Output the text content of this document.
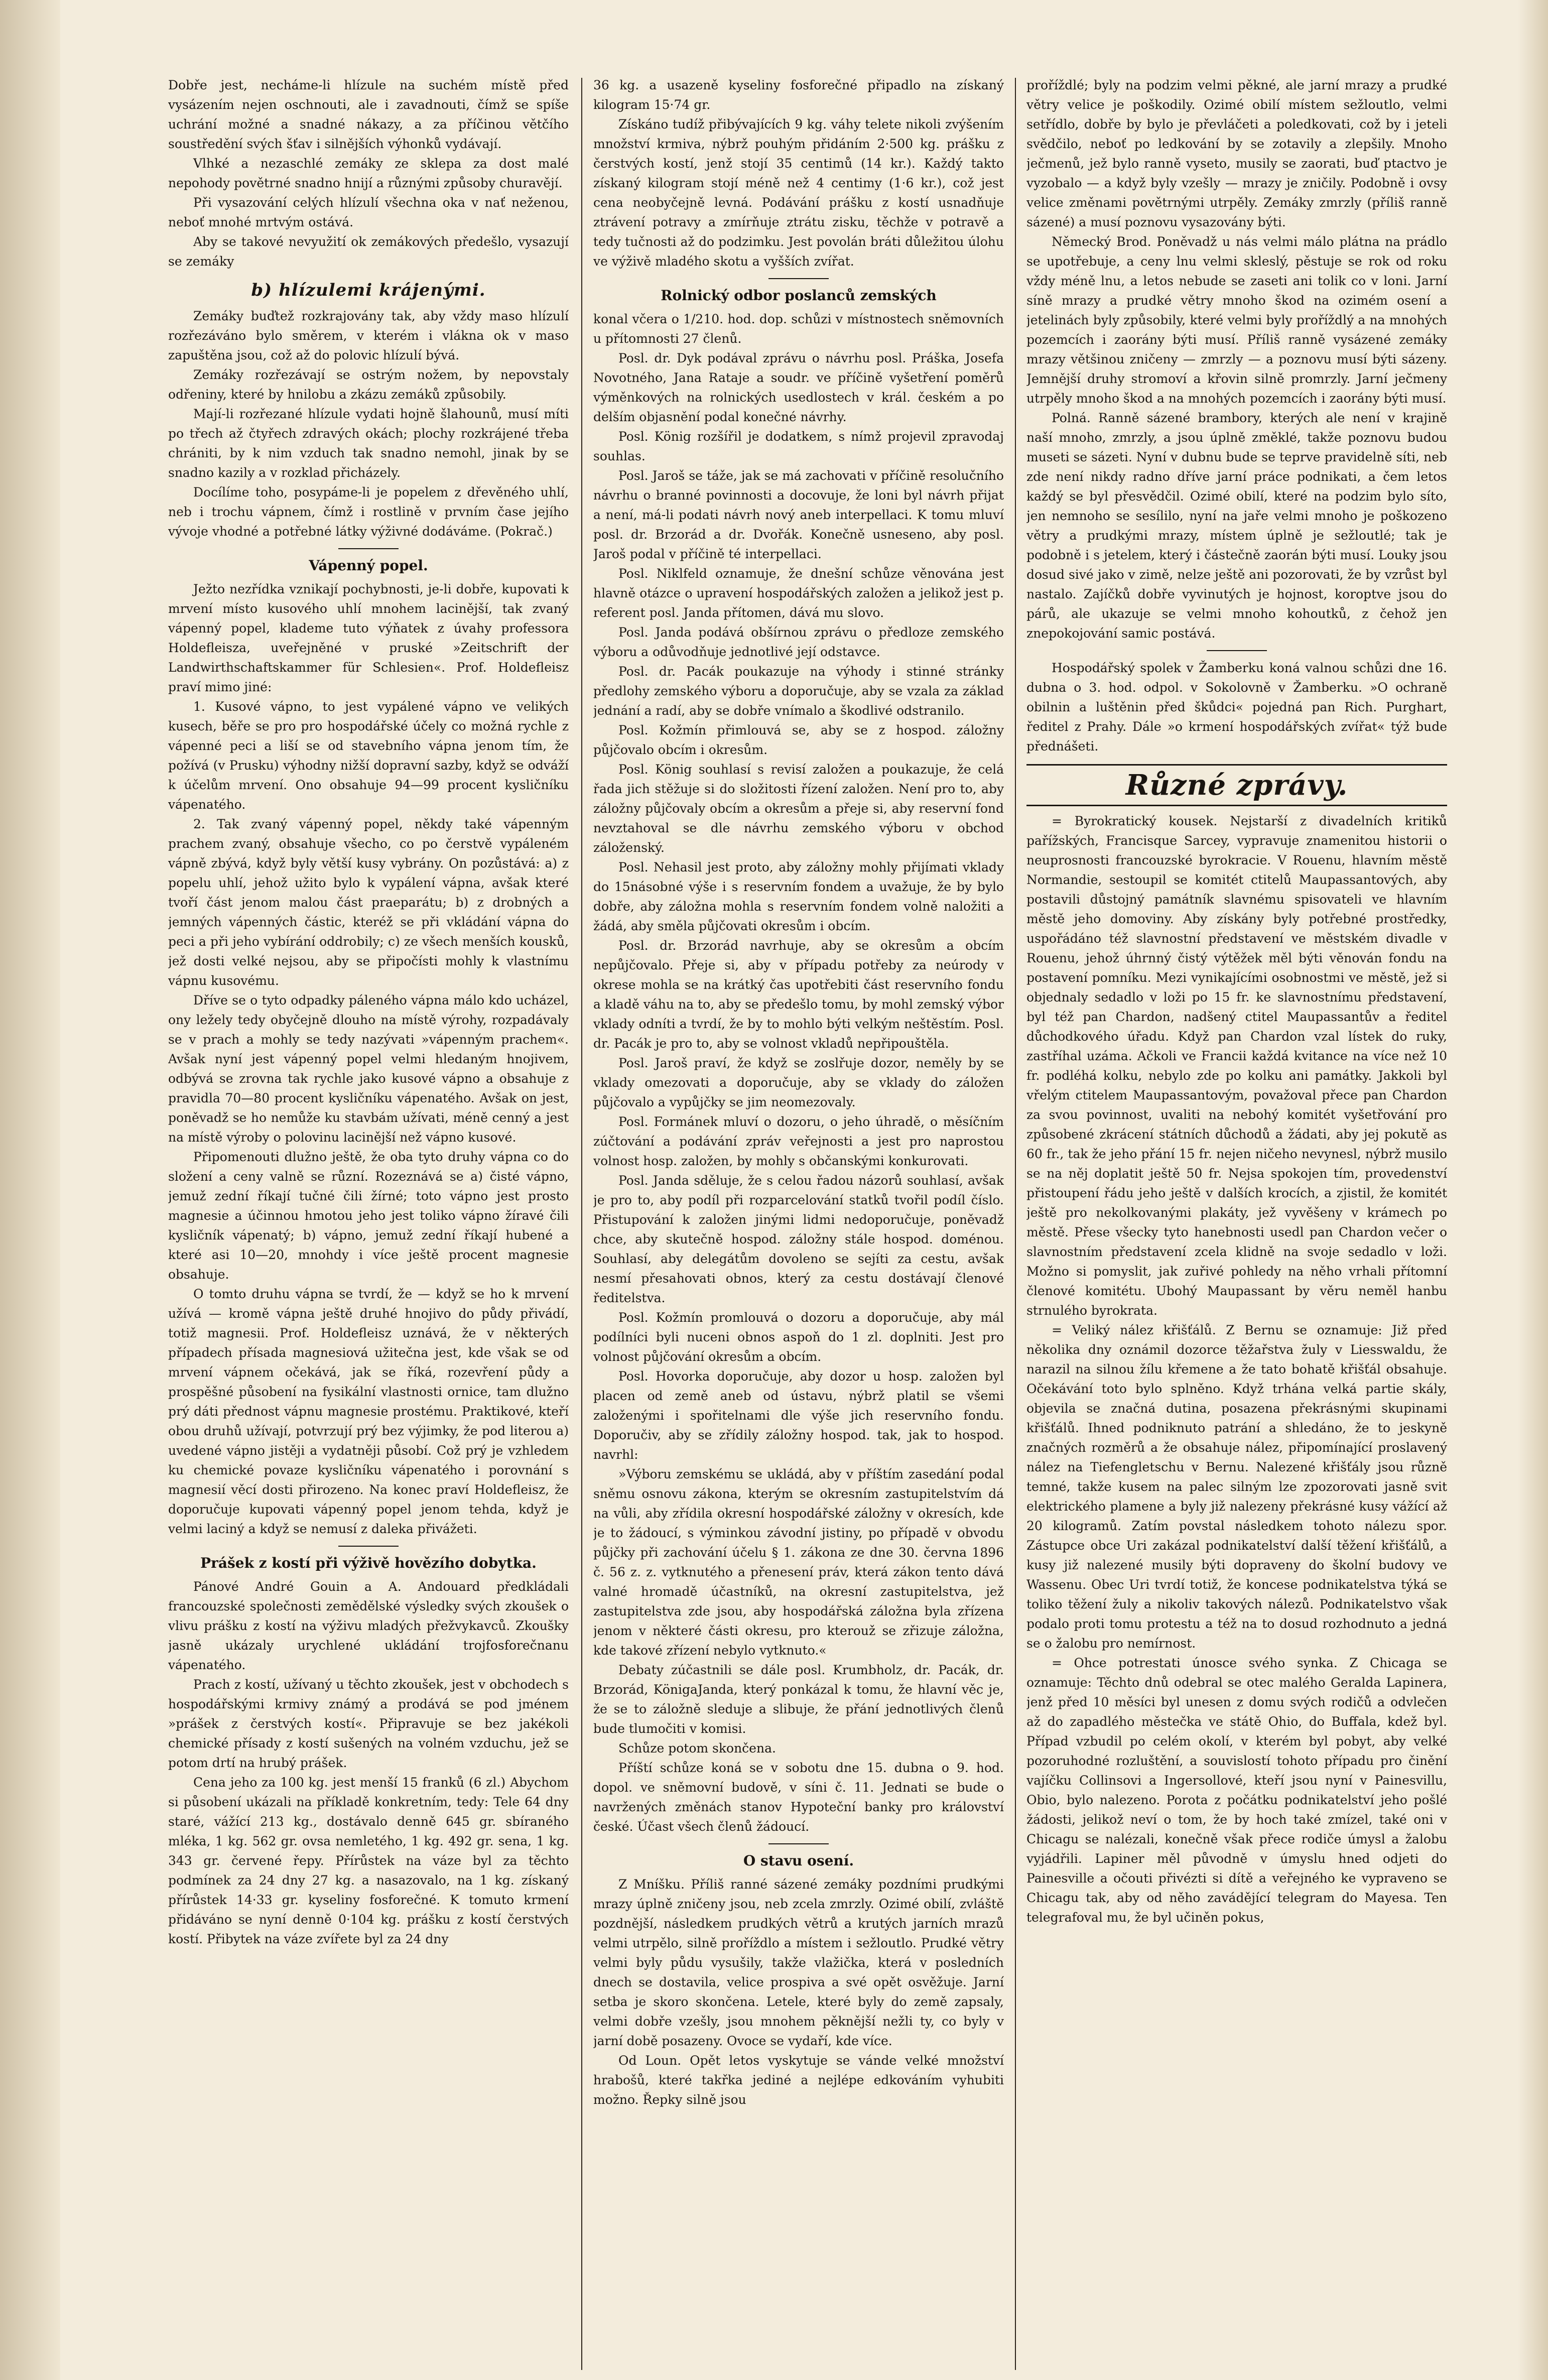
Dobře jest, necháme-li hlízule na suchém místě před vysázením nejen oschnouti, ale i zavadnouti, čímž se spíše uchrání možné a snadné nákazy, a za příčinou větčího soustředění svých šťav i silnějších výhonků vydávají.

Vlhké a nezaschlé zemáky ze sklepa za dost malé nepohody povětrné snadno hnijí a různými způsoby churavějí.

Při vysazování celých hlízulí všechna oka v nať neženou, neboť mnohé mrtvým ostává.

Aby se takové nevyužití ok zemákových předešlo, vysazují se zemáky

b) hlízulemi krájenými.

Zemáky buďtež rozkrajovány tak, aby vždy maso hlízulí rozřezáváno bylo směrem, v kterém i vlákna ok v maso zapuštěna jsou, což až do polovic hlízulí bývá.

Zemáky rozřezávají se ostrým nožem, by nepovstaly odřeniny, které by hnilobu a zkázu zemáků způsobily.

Mají-li rozřezané hlízule vydati hojně šlahounů, musí míti po třech až čtyřech zdravých okách; plochy rozkrájené třeba chrániti, by k nim vzduch tak snadno nemohl, jinak by se snadno kazily a v rozklad přicházely.

Docílíme toho, posypáme-li je popelem z dřevěného uhlí, neb i trochu vápnem, čímž i rostlině v prvním čase jejího vývoje vhodné a potřebné látky výživné dodáváme. (Pokrač.)

Vápenný popel.

Ježto nezřídka vznikají pochybnosti, je-li dobře, kupovati k mrvení místo kusového uhlí mnohem lacinější, tak zvaný vápenný popel, klademe tuto výňatek z úvahy professora Holdefleisza, uveřejněné v pruské »Zeitschrift der Landwirthschaftskammer für Schlesien«. Prof. Holdefleisz praví mimo jiné:

1. Kusové vápno, to jest vypálené vápno ve velikých kusech, běře se pro pro hospodářské účely co možná rychle z vápenné peci a liší se od stavebního vápna jenom tím, že požívá (v Prusku) výhodny nižší dopravní sazby, když se odváží k účelům mrvení. Ono obsahuje 94—99 procent kysličníku vápenatého.

2. Tak zvaný vápenný popel, někdy také vápenným prachem zvaný, obsahuje všecho, co po čerstvě vypáleném vápně zbývá, když byly větší kusy vybrány. On pozůstává: a) z popelu uhlí, jehož užito bylo k vypálení vápna, avšak které tvoří část jenom malou část praeparátu; b) z drobných a jemných vápenných částic, kteréž se při vkládání vápna do peci a při jeho vybírání oddrobily; c) ze všech menších kousků, jež dosti velké nejsou, aby se připočísti mohly k vlastnímu vápnu kusovému.

Dříve se o tyto odpadky páleného vápna málo kdo ucházel, ony ležely tedy obyčejně dlouho na místě výrohy, rozpadávaly se v prach a mohly se tedy nazývati »vápenným prachem«. Avšak nyní jest vápenný popel velmi hledaným hnojivem, odbývá se zrovna tak rychle jako kusové vápno a obsahuje z pravidla 70—80 procent kysličníku vápenatého. Avšak on jest, poněvadž se ho nemůže ku stavbám užívati, méně cenný a jest na místě výroby o polovinu lacinější než vápno kusové.

Připomenouti dlužno ještě, že oba tyto druhy vápna co do složení a ceny valně se různí. Rozeznává se a) čisté vápno, jemuž zední říkají tučné čili žírné; toto vápno jest prosto magnesie a účinnou hmotou jeho jest toliko vápno žíravé čili kysličník vápenatý; b) vápno, jemuž zední říkají hubené a které asi 10—20, mnohdy i více ještě procent magnesie obsahuje.

O tomto druhu vápna se tvrdí, že — když se ho k mrvení užívá — kromě vápna ještě druhé hnojivo do půdy přivádí, totiž magnesii. Prof. Holdefleisz uznává, že v některých případech přísada magnesiová užitečna jest, kde však se od mrvení vápnem očekává, jak se říká, rozevření půdy a prospěšné působení na fysikální vlastnosti ornice, tam dlužno prý dáti přednost vápnu magnesie prostému. Praktikové, kteří obou druhů užívají, potvrzují prý bez výjimky, že pod literou a) uvedené vápno jistěji a vydatněji působí. Což prý je vzhledem ku chemické povaze kysličníku vápenatého i porovnání s magnesií věcí dosti přirozeno. Na konec praví Holdefleisz, že doporučuje kupovati vápenný popel jenom tehda, když je velmi laciný a když se nemusí z daleka přivážeti.

Prášek z kostí při výživě hovězího dobytka.

Pánové André Gouin a A. Andouard předkládali francouzské společnosti zemědělské výsledky svých zkoušek o vlivu prášku z kostí na výživu mladých přežvykavců. Zkoušky jasně ukázaly urychlené ukládání trojfosforečnanu vápenatého.

Prach z kostí, užívaný u těchto zkoušek, jest v obchodech s hospodářskými krmivy známý a prodává se pod jménem »prášek z čerstvých kostí«. Připravuje se bez jakékoli chemické přísady z kostí sušených na volném vzduchu, jež se potom drtí na hrubý prášek.

Cena jeho za 100 kg. jest menší 15 franků (6 zl.) Abychom si působení ukázali na příkladě konkretním, tedy: Tele 64 dny staré, vážící 213 kg., dostávalo denně 645 gr. sbíraného mléka, 1 kg. 562 gr. ovsa nemletého, 1 kg. 492 gr. sena, 1 kg. 343 gr. červené řepy. Přírůstek na váze byl za těchto podmínek za 24 dny 27 kg. a nasazovalo, na 1 kg. získaný přírůstek 14·33 gr. kyseliny fosforečné. K tomuto krmení přidáváno se nyní denně 0·104 kg. prášku z kostí čerstvých kostí. Přibytek na váze zvířete byl za 24 dny

36 kg. a usazeně kyseliny fosforečné připadlo na získaný kilogram 15·74 gr.

Získáno tudíž přibývajících 9 kg. váhy telete nikoli zvýšením množství krmiva, nýbrž pouhým přidáním 2·500 kg. prášku z čerstvých kostí, jenž stojí 35 centimů (14 kr.). Každý takto získaný kilogram stojí méně než 4 centimy (1·6 kr.), což jest cena neobyčejně levná. Podávání prášku z kostí usnadňuje ztrávení potravy a zmírňuje ztrátu zisku, těchže v potravě a tedy tučnosti až do podzimku. Jest povolán bráti důležitou úlohu ve výživě mladého skotu a vyšších zvířat.

Rolnický odbor poslanců zemských

konal včera o 1/210. hod. dop. schůzi v místnostech sněmovních u přítomnosti 27 členů.

Posl. dr. Dyk podával zprávu o návrhu posl. Práška, Josefa Novotného, Jana Rataje a soudr. ve příčině vyšetření poměrů výměnkových na rolnických usedlostech v král. českém a po delším objasnění podal konečné návrhy.

Posl. König rozšířil je dodatkem, s nímž projevil zpravodaj souhlas.

Posl. Jaroš se táže, jak se má zachovati v příčině resolučního návrhu o branné povinnosti a docovuje, že loni byl návrh přijat a není, má-li podati návrh nový aneb interpellaci. K tomu mluví posl. dr. Brzorád a dr. Dvořák. Konečně usneseno, aby posl. Jaroš podal v příčině té interpellaci.

Posl. Niklfeld oznamuje, že dnešní schůze věnována jest hlavně otázce o upravení hospodářských založen a jelikož jest p. referent posl. Janda přítomen, dává mu slovo.

Posl. Janda podává obšírnou zprávu o předloze zemského výboru a odůvodňuje jednotlivé její odstavce.

Posl. dr. Pacák poukazuje na výhody i stinné stránky předlohy zemského výboru a doporučuje, aby se vzala za základ jednání a radí, aby se dobře vnímalo a škodlivé odstranilo.

Posl. Kožmín přimlouvá se, aby se z hospod. záložny půjčovalo obcím i okresům.

Posl. König souhlasí s revisí založen a poukazuje, že celá řada jich stěžuje si do složitosti řízení založen. Není pro to, aby záložny půjčovaly obcím a okresům a přeje si, aby reservní fond nevztahoval se dle návrhu zemského výboru v obchod záloženský.

Posl. Nehasil jest proto, aby záložny mohly přijímati vklady do 15násobné výše i s reservním fondem a uvažuje, že by bylo dobře, aby záložna mohla s reservním fondem volně naložiti a žádá, aby směla půjčovati okresům i obcím.

Posl. dr. Brzorád navrhuje, aby se okresům a obcím nepůjčovalo. Přeje si, aby v případu potřeby za neúrody v okrese mohla se na krátký čas upotřebiti část reservního fondu a kladě váhu na to, aby se předešlo tomu, by mohl zemský výbor vklady odníti a tvrdí, že by to mohlo býti velkým neštěstím. Posl. dr. Pacák je pro to, aby se volnost vkladů nepřipouštěla.

Posl. Jaroš praví, že když se zoslřuje dozor, neměly by se vklady omezovati a doporučuje, aby se vklady do záložen půjčovalo a vypůjčky se jim neomezovaly.

Posl. Formánek mluví o dozoru, o jeho úhradě, o měsíčním zúčtování a podávání zpráv veřejnosti a jest pro naprostou volnost hosp. založen, by mohly s občanskými konkurovati.

Posl. Janda sděluje, že s celou řadou názorů souhlasí, avšak je pro to, aby podíl při rozparcelování statků tvořil podíl číslo. Přistupování k založen jinými lidmi nedoporučuje, poněvadž chce, aby skutečně hospod. záložny stále hospod. doménou. Souhlasí, aby delegátům dovoleno se sejíti za cestu, avšak nesmí přesahovati obnos, který za cestu dostávají členové ředitelstva.

Posl. Kožmín promlouvá o dozoru a doporučuje, aby mál podílníci byli nuceni obnos aspoň do 1 zl. doplniti. Jest pro volnost půjčování okresům a obcím.

Posl. Hovorka doporučuje, aby dozor u hosp. založen byl placen od země aneb od ústavu, nýbrž platil se všemi založenými i spořitelnami dle výše jich reservního fondu. Doporučiv, aby se zřídily záložny hospod. tak, jak to hospod. navrhl:

»Výboru zemskému se ukládá, aby v příštím zasedání podal sněmu osnovu zákona, kterým se okresním zastupitelstvím dá na vůli, aby zřídila okresní hospodářské záložny v okresích, kde je to žádoucí, s výminkou závodní jistiny, po případě v obvodu půjčky při zachování účelu § 1. zákona ze dne 30. června 1896 č. 56 z. z. vytknutého a přenesení práv, která zákon tento dává valné hromadě účastníků, na okresní zastupitelstva, jež zastupitelstva zde jsou, aby hospodářská záložna byla zřízena jenom v některé části okresu, pro kterouž se zřizuje záložna, kde takové zřízení nebylo vytknuto.«

Debaty zúčastnili se dále posl. Krumbholz, dr. Pacák, dr. Brzorád, KönigaJanda, který ponkázal k tomu, že hlavní věc je, že se to záložně sleduje a slibuje, že přání jednotlivých členů bude tlumočiti v komisi.

Schůze potom skončena.

Příští schůze koná se v sobotu dne 15. dubna o 9. hod. dopol. ve sněmovní budově, v síni č. 11. Jednati se bude o navržených změnách stanov Hypoteční banky pro království české. Účast všech členů žádoucí.

O stavu osení.

Z Mníšku. Příliš ranné sázené zemáky pozdními prudkými mrazy úplně zničeny jsou, neb zcela zmrzly. Ozimé obilí, zvláště pozdnější, následkem prudkých větrů a krutých jarních mrazů velmi utrpělo, silně proříždlo a místem i sežloutlo. Prudké větry velmi byly půdu vysušily, takže vlažička, která v posledních dnech se dostavila, velice prospiva a své opět osvěžuje. Jarní setba je skoro skončena. Letele, které byly do země zapsaly, velmi dobře vzešly, jsou mnohem pěknější nežli ty, co byly v jarní době posazeny. Ovoce se vydaří, kde více.

Od Loun. Opět letos vyskytuje se vánde velké množství hrabošů, které takřka jediné a nejlépe edkováním vyhubiti možno. Řepky silně jsou

proříždlé; byly na podzim velmi pěkné, ale jarní mrazy a prudké větry velice je poškodily. Ozimé obilí místem sežloutlo, velmi setřídlo, dobře by bylo je převláčeti a poledkovati, což by i jeteli svědčilo, neboť po ledkování by se zotavily a zlepšily. Mnoho ječmenů, jež bylo ranně vyseto, musily se zaorati, buď ptactvo je vyzobalo — a když byly vzešly — mrazy je zničily. Podobně i ovsy velice změnami povětrnými utrpěly. Zemáky zmrzly (příliš ranně sázené) a musí poznovu vysazovány býti.

Německý Brod. Poněvadž u nás velmi málo plátna na prádlo se upotřebuje, a ceny lnu velmi skleslý, pěstuje se rok od roku vždy méně lnu, a letos nebude se zaseti ani tolik co v loni. Jarní síně mrazy a prudké větry mnoho škod na ozimém osení a jetelinách byly způsobily, které velmi byly proříždlý a na mnohých pozemcích i zaorány býti musí. Příliš ranně vysázené zemáky mrazy většinou zničeny — zmrzly — a poznovu musí býti sázeny. Jemnější druhy stromoví a křovin silně promrzly. Jarní ječmeny utrpěly mnoho škod a na mnohých pozemcích i zaorány býti musí.

Polná. Ranně sázené brambory, kterých ale není v krajině naší mnoho, zmrzly, a jsou úplně změklé, takže poznovu budou museti se sázeti. Nyní v dubnu bude se teprve pravidelně síti, neb zde není nikdy radno dříve jarní práce podnikati, a čem letos každý se byl přesvědčil. Ozimé obilí, které na podzim bylo síto, jen nemnoho se sesílilo, nyní na jaře velmi mnoho je poškozeno větry a prudkými mrazy, místem úplně je sežloutlé; tak je podobně i s jetelem, který i částečně zaorán býti musí. Louky jsou dosud sivé jako v zimě, nelze ještě ani pozorovati, že by vzrůst byl nastalo. Zajíčků dobře vyvinutých je hojnost, koroptve jsou do párů, ale ukazuje se velmi mnoho kohoutků, z čehož jen znepokojování samic postává.

Hospodářský spolek v Žamberku koná valnou schůzi dne 16. dubna o 3. hod. odpol. v Sokolovně v Žamberku. »O ochraně obilnin a luštěnin před škůdci« pojedná pan Rich. Purghart, ředitel z Prahy. Dále »o krmení hospodářských zvířat« týž bude přednášeti.

Různé zprávy.

= Byrokratický kousek. Nejstarší z divadelních kritiků pařížských, Francisque Sarcey, vypravuje znamenitou historii o neuprosnosti francouzské byrokracie. V Rouenu, hlavním městě Normandie, sestoupil se komitét ctitelů Maupassantových, aby postavili důstojný památník slavnému spisovateli ve hlavním městě jeho domoviny. Aby získány byly potřebné prostředky, uspořádáno též slavnostní představení ve městském divadle v Rouenu, jehož úhrnný čistý výtěžek měl býti věnován fondu na postavení pomníku. Mezi vynikajícími osobnostmi ve městě, jež si objednaly sedadlo v loži po 15 fr. ke slavnostnímu představení, byl též pan Chardon, nadšený ctitel Maupassantův a ředitel důchodkového úřadu. Když pan Chardon vzal lístek do ruky, zastříhal uzáma. Ačkoli ve Francii každá kvitance na více než 10 fr. podléhá kolku, nebylo zde po kolku ani památky. Jakkoli byl vřelým ctitelem Maupassantovým, považoval přece pan Chardon za svou povinnost, uvaliti na nebohý komitét vyšetřování pro způsobené zkrácení státních důchodů a žádati, aby jej pokutě as 60 fr., tak že jeho přání 15 fr. nejen ničeho nevynesl, nýbrž musilo se na něj doplatit ještě 50 fr. Nejsa spokojen tím, provedenství přistoupení řádu jeho ještě v dalších krocích, a zjistil, že komitét ještě pro nekolkovanými plakáty, jež vyvěšeny v krámech po městě. Přese všecky tyto hanebnosti usedl pan Chardon večer o slavnostním představení zcela klidně na svoje sedadlo v loži. Možno si pomyslit, jak zuřivé pohledy na něho vrhali přítomní členové komitétu. Ubohý Maupassant by věru neměl hanbu strnulého byrokrata.

= Veliký nález křišťálů. Z Bernu se oznamuje: Již před několika dny oznámil dozorce těžařstva žuly v Liesswaldu, že narazil na silnou žílu křemene a že tato bohatě křišťál obsahuje. Očekávání toto bylo splněno. Když trhána velká partie skály, objevila se značná dutina, posazena překrásnými skupinami křišťálů. Ihned podniknuto patrání a shledáno, že to jeskyně značných rozměrů a že obsahuje nález, připomínající proslavený nález na Tiefengletschu v Bernu. Nalezené křišťály jsou různě temné, takže kusem na palec silným lze zpozorovati jasně svit elektrického plamene a byly již nalezeny překrásné kusy vážící až 20 kilogramů. Zatím povstal následkem tohoto nálezu spor. Zástupce obce Uri zakázal podnikatelství další těžení křišťálů, a kusy již nalezené musily býti dopraveny do školní budovy ve Wassenu. Obec Uri tvrdí totiž, že koncese podnikatelstva týká se toliko těžení žuly a nikoliv takových nálezů. Podnikatelstvo však podalo proti tomu protestu a též na to dosud rozhodnuto a jedná se o žalobu pro nemírnost.

= Ohce potrestati únosce svého synka. Z Chicaga se oznamuje: Těchto dnů odebral se otec malého Geralda Lapinera, jenž před 10 měsíci byl unesen z domu svých rodičů a odvlečen až do zapadlého městečka ve státě Ohio, do Buffala, kdež byl. Případ vzbudil po celém okolí, v kterém byl pobyt, aby velké pozoruhodné rozluštění, a souvislostí tohoto případu pro činění vajíčku Collinsovi a Ingersollové, kteří jsou nyní v Painesvillu, Obio, bylo nalezeno. Porota z počátku podnikatelství jeho pošlé žádosti, jelikož neví o tom, že by hoch také zmízel, také oni v Chicagu se nalézali, konečně však přece rodiče úmysl a žalobu vyjádřili. Lapiner měl původně v úmyslu hned odjeti do Painesville a očouti přivézti si dítě a veřejného ke vypraveno se Chicagu tak, aby od něho zavádějící telegram do Mayesa. Ten telegrafoval mu, že byl učiněn pokus,
